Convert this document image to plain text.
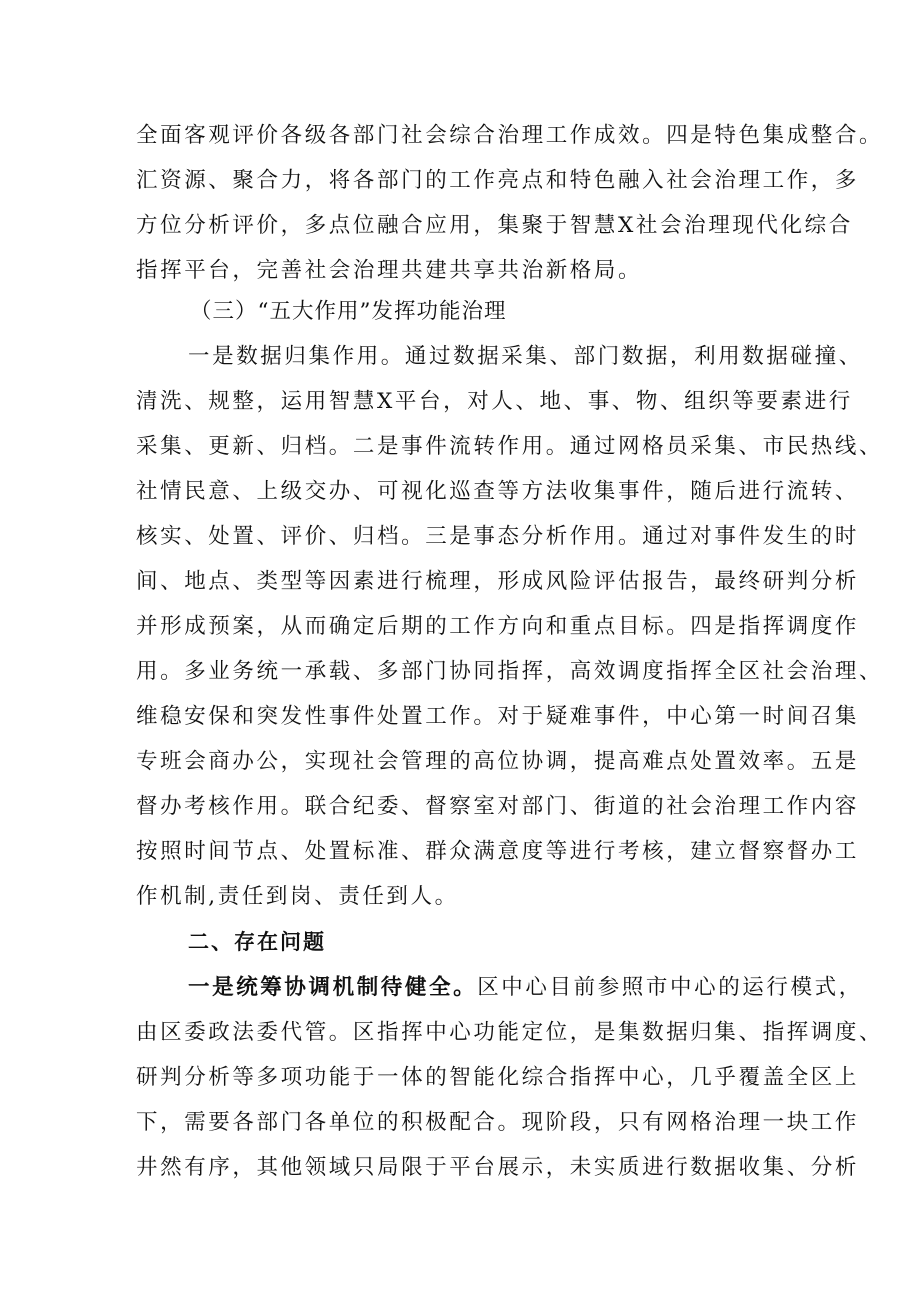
全面客观评价各级各部门社会综合治理工作成效。四是特色集成整合。
汇资源、聚合力，将各部门的工作亮点和特色融入社会治理工作，多
方位分析评价，多点位融合应用，集聚于智慧X社会治理现代化综合
指挥平台，完善社会治理共建共享共治新格局。
（三）“五大作用”发挥功能治理
一是数据归集作用。通过数据采集、部门数据，利用数据碰撞、
清洗、规整，运用智慧X平台，对人、地、事、物、组织等要素进行
采集、更新、归档。二是事件流转作用。通过网格员采集、市民热线、
社情民意、上级交办、可视化巡查等方法收集事件，随后进行流转、
核实、处置、评价、归档。三是事态分析作用。通过对事件发生的时
间、地点、类型等因素进行梳理，形成风险评估报告，最终研判分析
并形成预案，从而确定后期的工作方向和重点目标。四是指挥调度作
用。多业务统一承载、多部门协同指挥，高效调度指挥全区社会治理、
维稳安保和突发性事件处置工作。对于疑难事件，中心第一时间召集
专班会商办公，实现社会管理的高位协调，提高难点处置效率。五是
督办考核作用。联合纪委、督察室对部门、街道的社会治理工作内容
按照时间节点、处置标准、群众满意度等进行考核，建立督察督办工
作机制,责任到岗、责任到人。
二、存在问题
一是统筹协调机制待健全。区中心目前参照市中心的运行模式，
由区委政法委代管。区指挥中心功能定位，是集数据归集、指挥调度、
研判分析等多项功能于一体的智能化综合指挥中心，几乎覆盖全区上
下，需要各部门各单位的积极配合。现阶段，只有网格治理一块工作
井然有序，其他领域只局限于平台展示，未实质进行数据收集、分析
